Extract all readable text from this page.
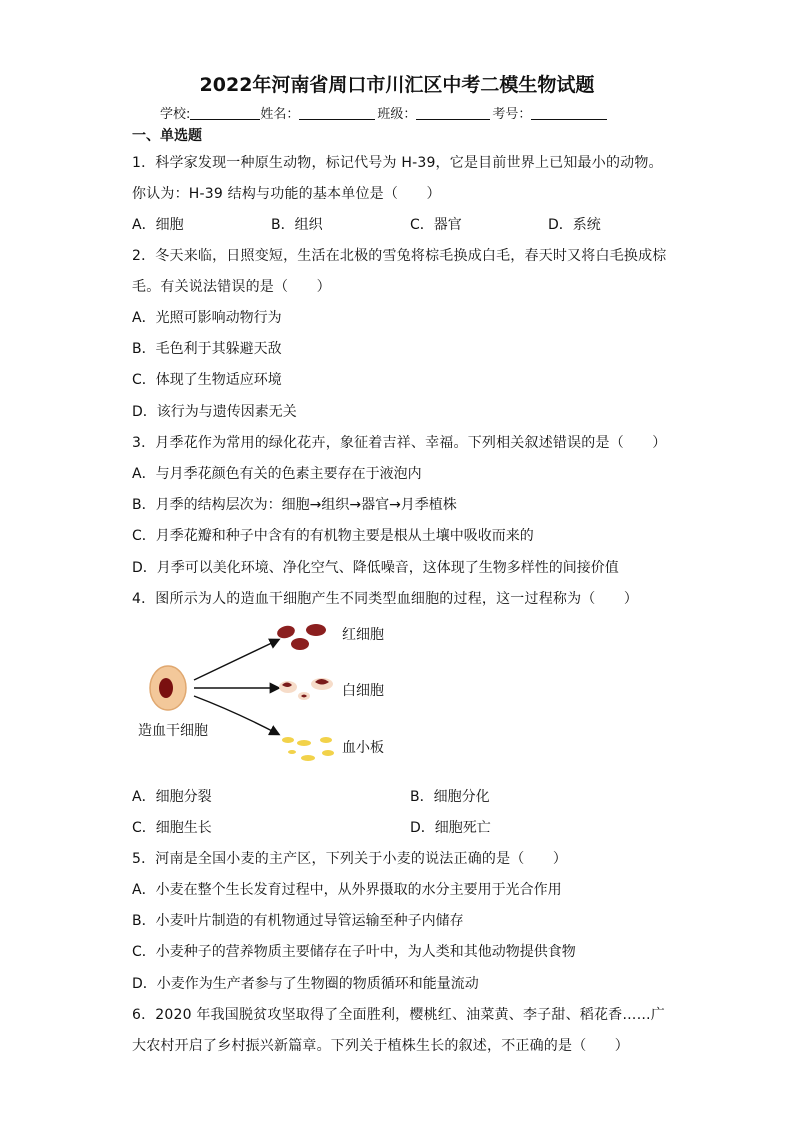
2022年河南省周口市川汇区中考二模生物试题
学校:	姓名：	班级：	考号：
一、单选题
1．科学家发现一种原生动物，标记代号为 H-39，它是目前世界上已知最小的动物。
你认为：H-39 结构与功能的基本单位是（　　）
A．细胞	B．组织	C．器官	D．系统
2．冬天来临，日照变短，生活在北极的雪兔将棕毛换成白毛，春天时又将白毛换成棕
毛。有关说法错误的是（　　）
A．光照可影响动物行为
B．毛色利于其躲避天敌
C．体现了生物适应环境
D．该行为与遗传因素无关
3．月季花作为常用的绿化花卉，象征着吉祥、幸福。下列相关叙述错误的是（　　）
A．与月季花颜色有关的色素主要存在于液泡内
B．月季的结构层次为：细胞→组织→器官→月季植株
C．月季花瓣和种子中含有的有机物主要是根从土壤中吸收而来的
D．月季可以美化环境、净化空气、降低噪音，这体现了生物多样性的间接价值
4．图所示为人的造血干细胞产生不同类型血细胞的过程，这一过程称为（　　）
造血干细胞
红细胞
白细胞
血小板
A．细胞分裂	B．细胞分化
C．细胞生长	D．细胞死亡
5．河南是全国小麦的主产区，下列关于小麦的说法正确的是（　　）
A．小麦在整个生长发育过程中，从外界摄取的水分主要用于光合作用
B．小麦叶片制造的有机物通过导管运输至种子内储存
C．小麦种子的营养物质主要储存在子叶中，为人类和其他动物提供食物
D．小麦作为生产者参与了生物圈的物质循环和能量流动
6．2020 年我国脱贫攻坚取得了全面胜利，樱桃红、油菜黄、李子甜、稻花香……广
大农村开启了乡村振兴新篇章。下列关于植株生长的叙述，不正确的是（　　）
